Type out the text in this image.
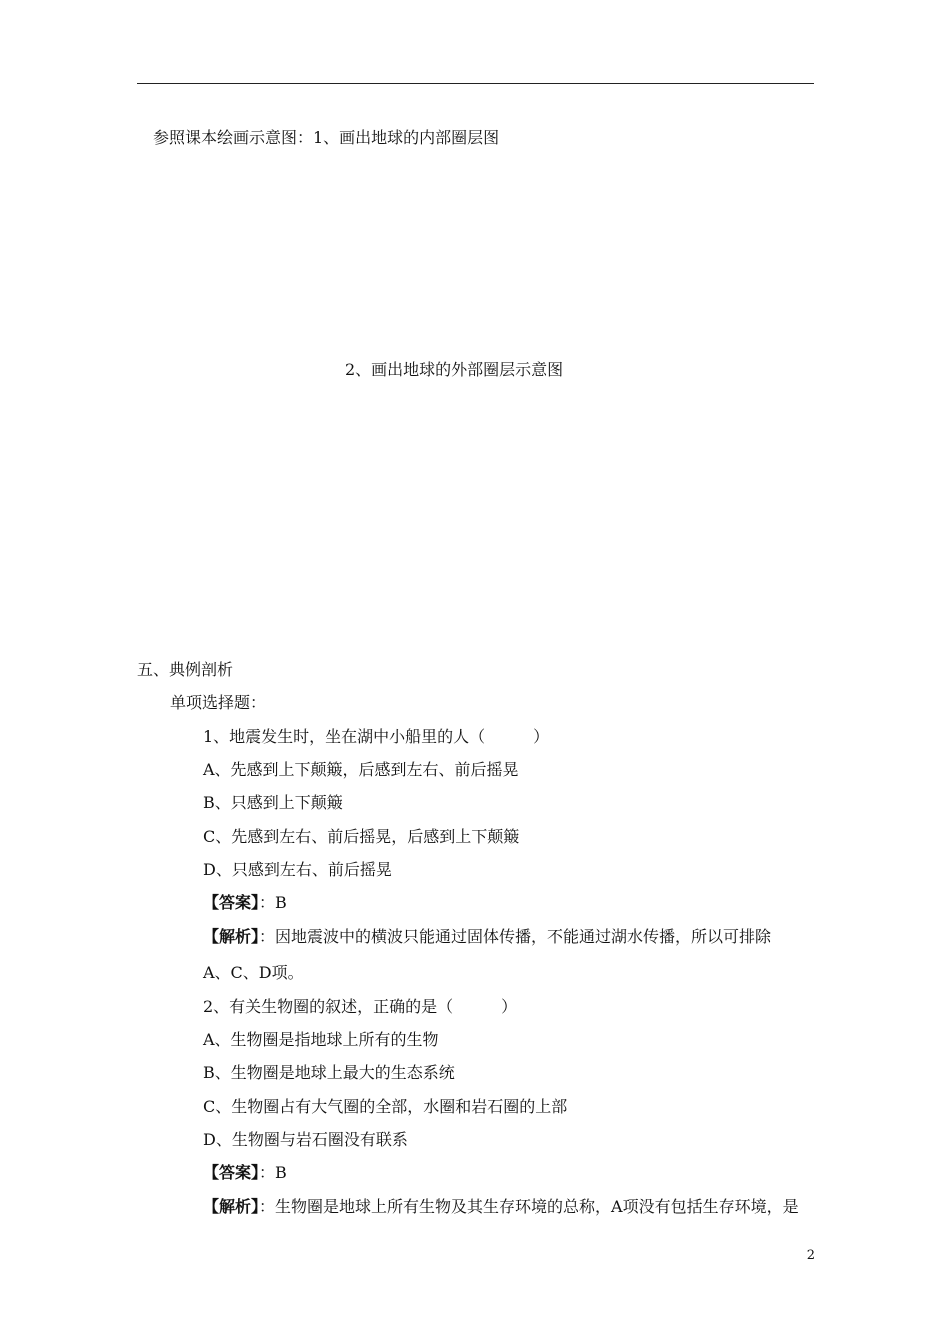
参照课本绘画示意图：1、画出地球的内部圈层图
2、画出地球的外部圈层示意图
五、典例剖析
单项选择题：
1、地震发生时，坐在湖中小船里的人（　　　）
A、先感到上下颠簸，后感到左右、前后摇晃
B、只感到上下颠簸
C、先感到左右、前后摇晃，后感到上下颠簸
D、只感到左右、前后摇晃
【答案】：B
【解析】：因地震波中的横波只能通过固体传播，不能通过湖水传播，所以可排除
A、C、D项。
2、有关生物圈的叙述，正确的是（　　　）
A、生物圈是指地球上所有的生物
B、生物圈是地球上最大的生态系统
C、生物圈占有大气圈的全部，水圈和岩石圈的上部
D、生物圈与岩石圈没有联系
【答案】：B
【解析】：生物圈是地球上所有生物及其生存环境的总称，A项没有包括生存环境，是
2
